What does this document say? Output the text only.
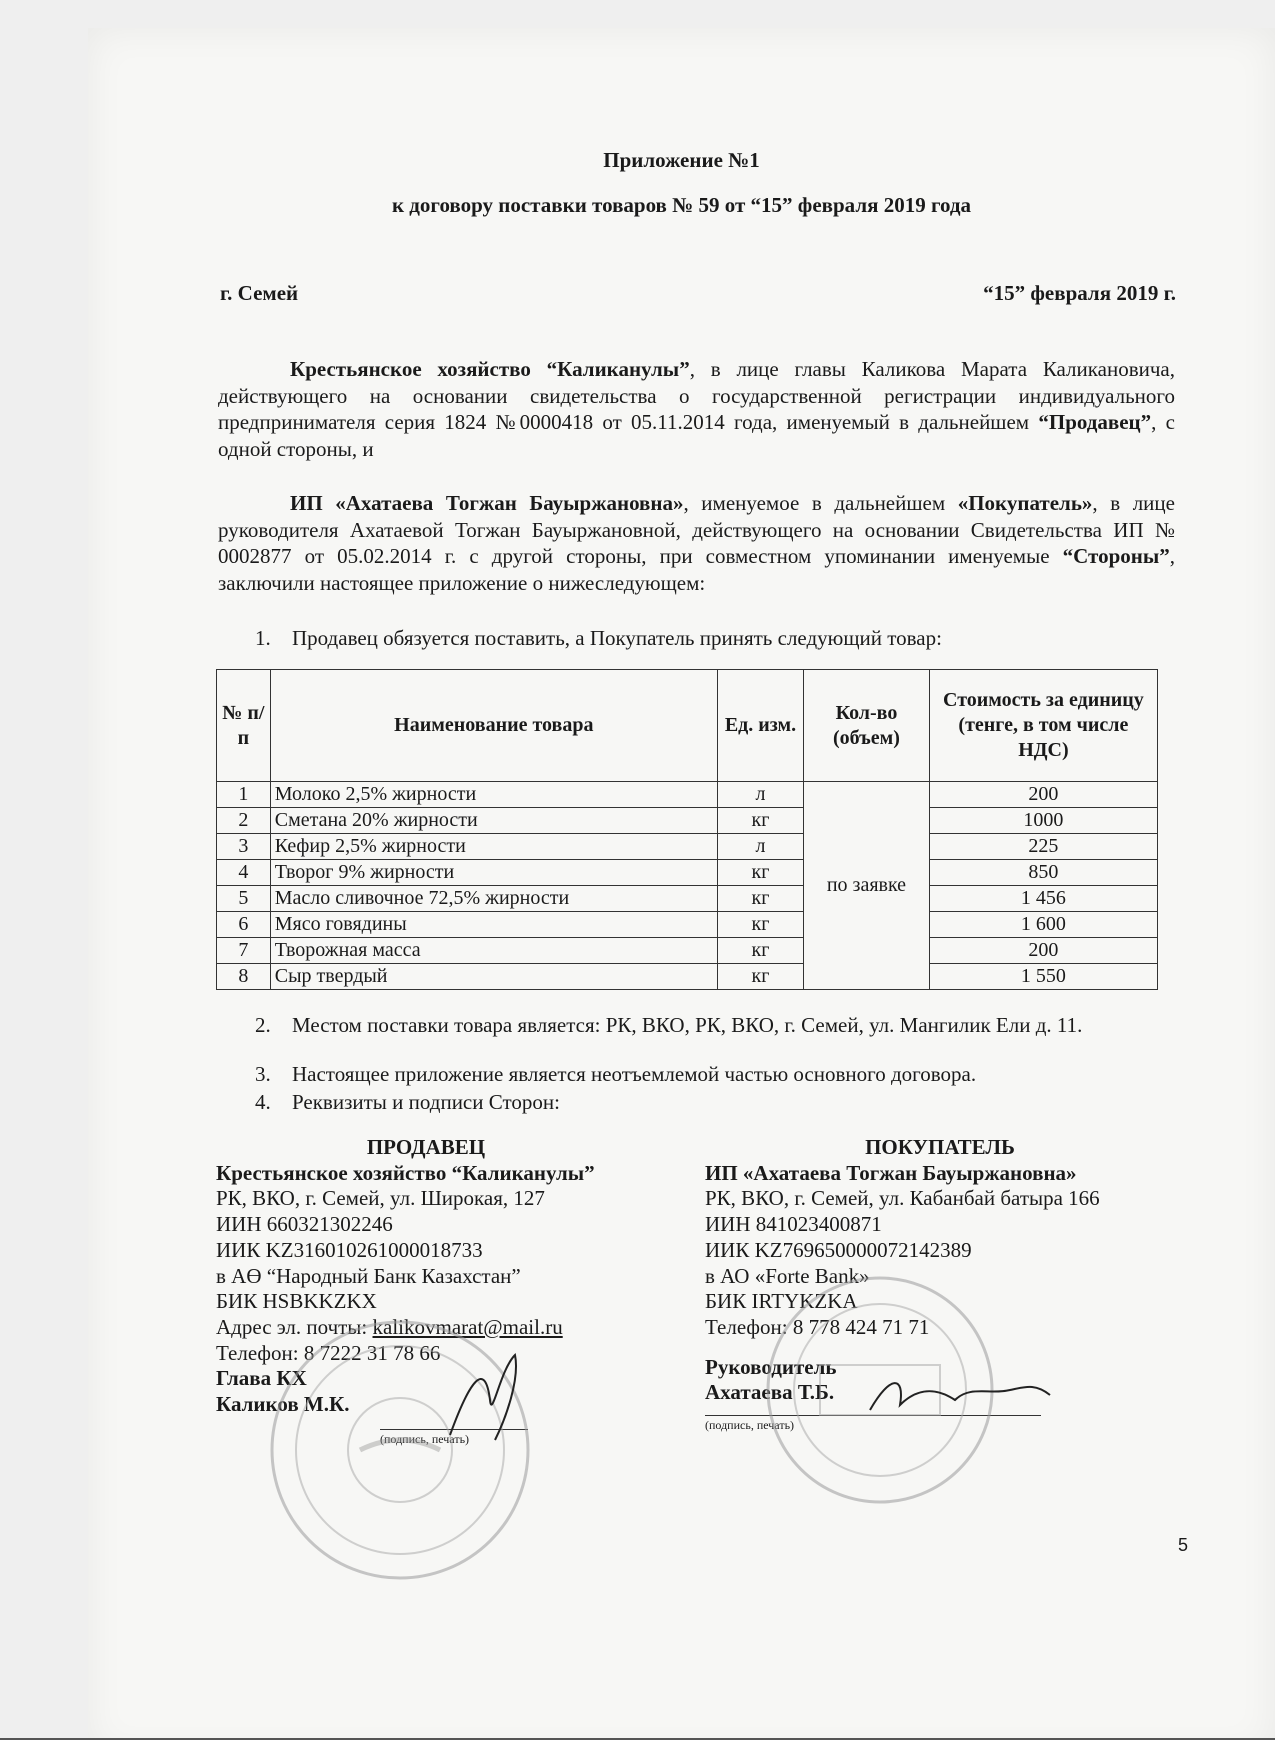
Приложение №1
к договору поставки товаров № 59 от “15” февраля 2019 года
г. Семей	“15” февраля 2019 г.
Крестьянское хозяйство “Каликанулы”, в лице главы Каликова Марата Каликановича, действующего на основании свидетельства о государственной регистрации индивидуального предпринимателя серия 1824 №0000418 от 05.11.2014 года, именуемый в дальнейшем “Продавец”, с одной стороны, и
ИП «Ахатаева Тогжан Бауыржановна», именуемое в дальнейшем «Покупатель», в лице руководителя Ахатаевой Тогжан Бауыржановной, действующего на основании Свидетельства ИП № 0002877 от 05.02.2014 г. с другой стороны, при совместном упоминании именуемые “Стороны”, заключили настоящее приложение о нижеследующем:
1. Продавец обязуется поставить, а Покупатель принять следующий товар:
№ п/п	Наименование товара	Ед. изм.	Кол-во (объем)	Стоимость за единицу (тенге, в том числе НДС)
1	Молоко 2,5% жирности	л	по заявке	200
2	Сметана 20% жирности	кг		1000
3	Кефир 2,5% жирности	л		225
4	Творог 9% жирности	кг		850
5	Масло сливочное 72,5% жирности	кг		1 456
6	Мясо говядины	кг		1 600
7	Творожная масса	кг		200
8	Сыр твердый	кг		1 550
2. Местом поставки товара является: РК, ВКО, РК, ВКО, г. Семей, ул. Мангилик Ели д. 11.
3. Настоящее приложение является неотъемлемой частью основного договора.
4. Реквизиты и подписи Сторон:
ПРОДАВЕЦ
Крестьянское хозяйство “Каликанулы”
РК, ВКО, г. Семей, ул. Широкая, 127
ИИН 660321302246
ИИК KZ316010261000018733
в АӨ “Народный Банк Казахстан”
БИК HSBKKZKX
Адрес эл. почты: kalikovmarat@mail.ru
Телефон: 8 7222 31 78 66
Глава КХ
Каликов М.К.
(подпись, печать)
ПОКУПАТЕЛЬ
ИП «Ахатаева Тогжан Бауыржановна»
РК, ВКО, г. Семей, ул. Кабанбай батыра 166
ИИН 841023400871
ИИК KZ769650000072142389
в АО «Forte Bank»
БИК IRTYKZKA
Телефон: 8 778 424 71 71
Руководитель
Ахатаева Т.Б.
(подпись, печать)
5
